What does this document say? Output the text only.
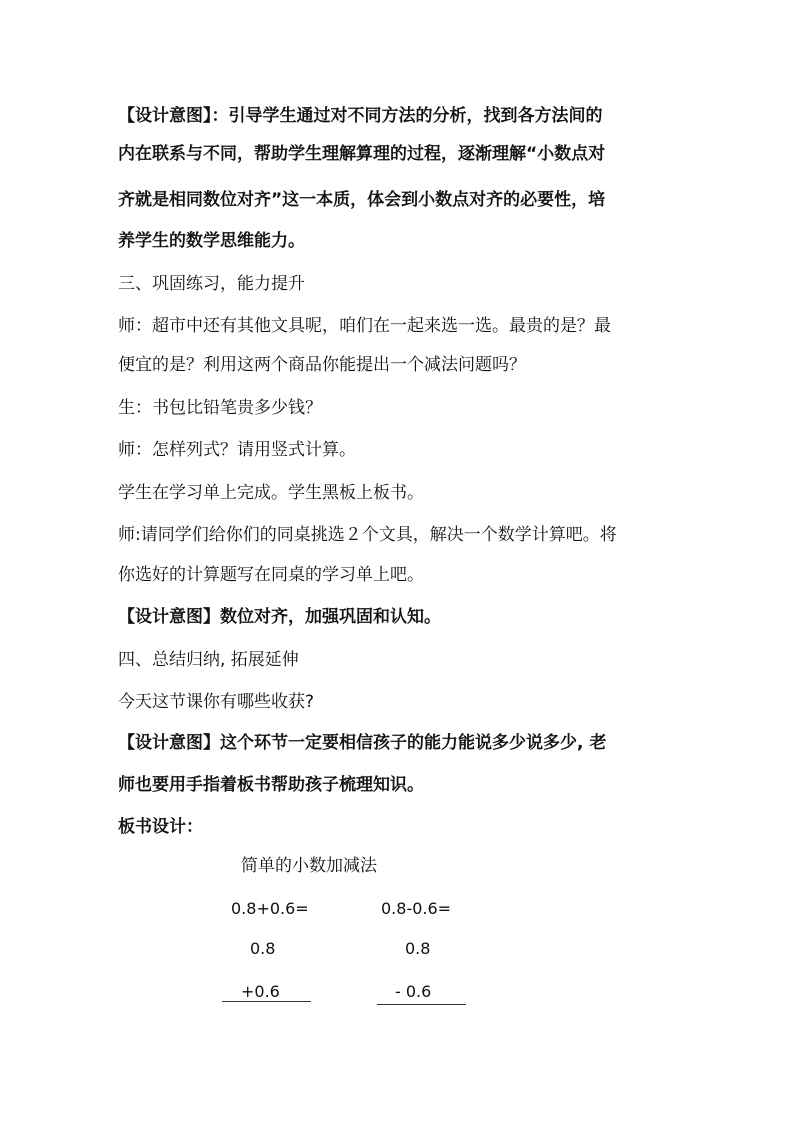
【设计意图】：引导学生通过对不同方法的分析，找到各方法间的
内在联系与不同，帮助学生理解算理的过程，逐渐理解“小数点对
齐就是相同数位对齐”这一本质，体会到小数点对齐的必要性，培
养学生的数学思维能力。
三、巩固练习，能力提升
师：超市中还有其他文具呢，咱们在一起来选一选。最贵的是？最
便宜的是？利用这两个商品你能提出一个减法问题吗？
生：书包比铅笔贵多少钱？
师：怎样列式？请用竖式计算。
学生在学习单上完成。学生黑板上板书。
师:请同学们给你们的同桌挑选２个文具，解决一个数学计算吧。将
你选好的计算题写在同桌的学习单上吧。
【设计意图】数位对齐，加强巩固和认知。
四、总结归纳, 拓展延伸
今天这节课你有哪些收获?
【设计意图】这个环节一定要相信孩子的能力能说多少说多少, 老
师也要用手指着板书帮助孩子梳理知识。
板书设计：
简单的小数加减法
0.8+0.6=	0.8-0.6=
0.8	0.8
+0.6	- 0.6
